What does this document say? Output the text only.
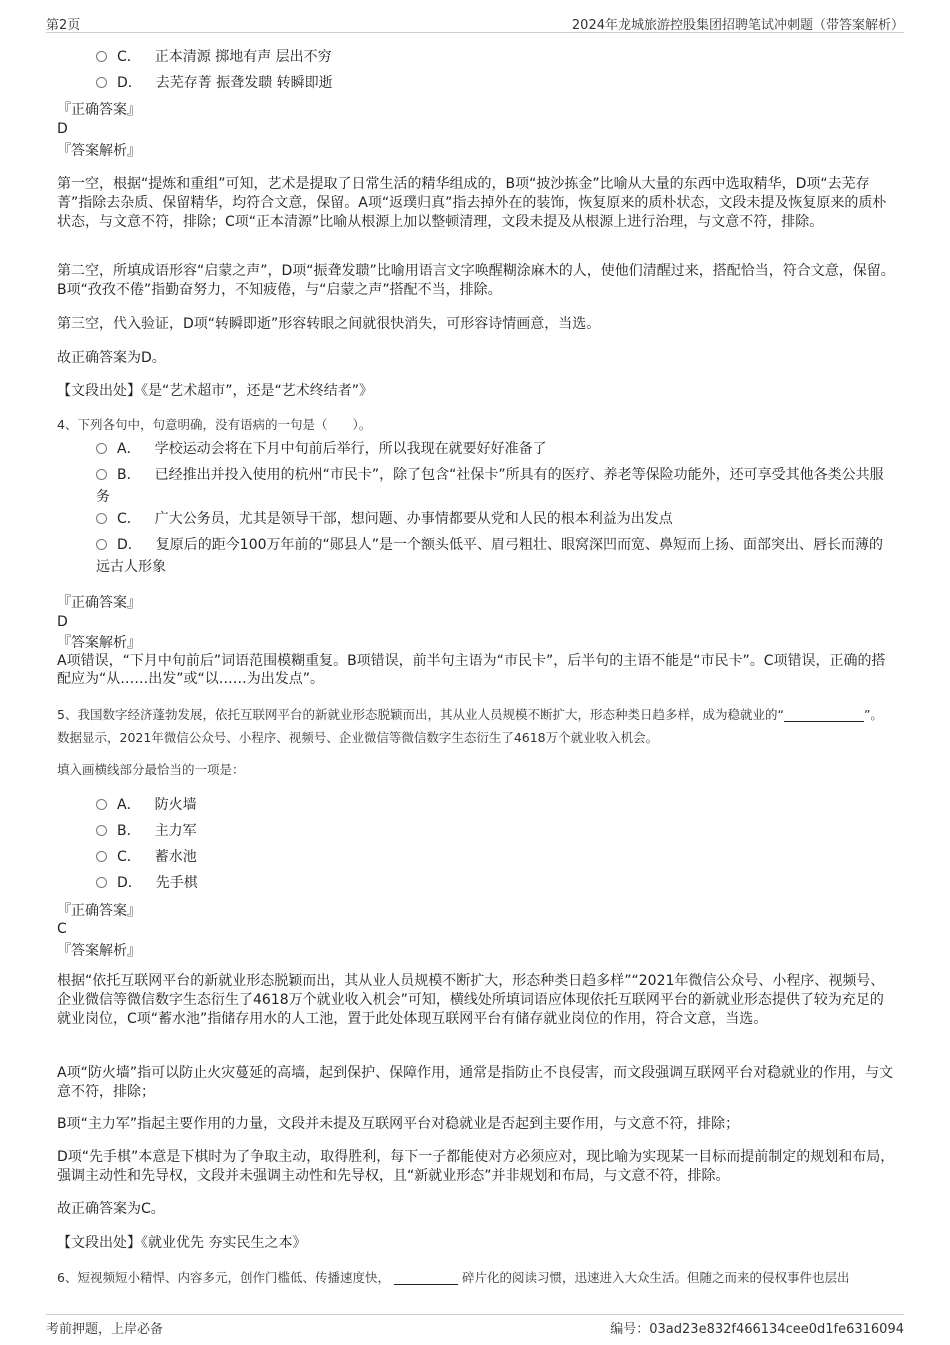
第2页	2024年龙城旅游控股集团招聘笔试冲刺题（带答案解析）
C． 正本清源 掷地有声 层出不穷
D． 去芜存菁 振聋发聩 转瞬即逝
『正确答案』
D
『答案解析』

第一空，根据“提炼和重组”可知，艺术是提取了日常生活的精华组成的，B项“披沙拣金”比喻从大量的东西中选取精华，D项“去芜存菁”指除去杂质、保留精华，均符合文意，保留。A项“返璞归真”指去掉外在的装饰，恢复原来的质朴状态，文段未提及恢复原来的质朴状态，与文意不符，排除；C项“正本清源”比喻从根源上加以整顿清理，文段未提及从根源上进行治理，与文意不符，排除。

第二空，所填成语形容“启蒙之声”，D项“振聋发聩”比喻用语言文字唤醒糊涂麻木的人，使他们清醒过来，搭配恰当，符合文意，保留。B项“孜孜不倦”指勤奋努力，不知疲倦，与“启蒙之声”搭配不当，排除。

第三空，代入验证，D项“转瞬即逝”形容转眼之间就很快消失，可形容诗情画意，当选。

故正确答案为D。

【文段出处】《是“艺术超市”，还是“艺术终结者”》

4、下列各句中，句意明确，没有语病的一句是（　　）。

A． 学校运动会将在下月中旬前后举行，所以我现在就要好好准备了
B． 已经推出并投入使用的杭州“市民卡”，除了包含“社保卡”所具有的医疗、养老等保险功能外，还可享受其他各类公共服务
C． 广大公务员，尤其是领导干部，想问题、办事情都要从党和人民的根本利益为出发点
D． 复原后的距今100万年前的“郧县人”是一个额头低平、眉弓粗壮、眼窝深凹而宽、鼻短而上扬、面部突出、唇长而薄的远古人形象
『正确答案』
D
『答案解析』

A项错误，“下月中旬前后”词语范围模糊重复。B项错误，前半句主语为“市民卡”，后半句的主语不能是“市民卡”。C项错误，正确的搭配应为“从……出发”或“以……为出发点”。

5、我国数字经济蓬勃发展，依托互联网平台的新就业形态脱颖而出，其从业人员规模不断扩大，形态种类日趋多样，成为稳就业的“	”。数据显示，2021年微信公众号、小程序、视频号、企业微信等微信数字生态衍生了4618万个就业收入机会。

填入画横线部分最恰当的一项是：

A． 防火墙
B． 主力军
C． 蓄水池
D． 先手棋
『正确答案』
C
『答案解析』

根据“依托互联网平台的新就业形态脱颖而出，其从业人员规模不断扩大，形态种类日趋多样”“2021年微信公众号、小程序、视频号、企业微信等微信数字生态衍生了4618万个就业收入机会”可知，横线处所填词语应体现依托互联网平台的新就业形态提供了较为充足的就业岗位，C项“蓄水池”指储存用水的人工池，置于此处体现互联网平台有储存就业岗位的作用，符合文意，当选。

A项“防火墙”指可以防止火灾蔓延的高墙，起到保护、保障作用，通常是指防止不良侵害，而文段强调互联网平台对稳就业的作用，与文意不符，排除；

B项“主力军”指起主要作用的力量，文段并未提及互联网平台对稳就业是否起到主要作用，与文意不符，排除；

D项“先手棋”本意是下棋时为了争取主动，取得胜利，每下一子都能使对方必须应对，现比喻为实现某一目标而提前制定的规划和布局，强调主动性和先导权，文段并未强调主动性和先导权，且“新就业形态”并非规划和布局，与文意不符，排除。

故正确答案为C。

【文段出处】《就业优先 夯实民生之本》

6、短视频短小精悍、内容多元，创作门槛低、传播速度快，	碎片化的阅读习惯，迅速进入大众生活。但随之而来的侵权事件也层出

考前押题，上岸必备	编号：03ad23e832f466134cee0d1fe6316094
